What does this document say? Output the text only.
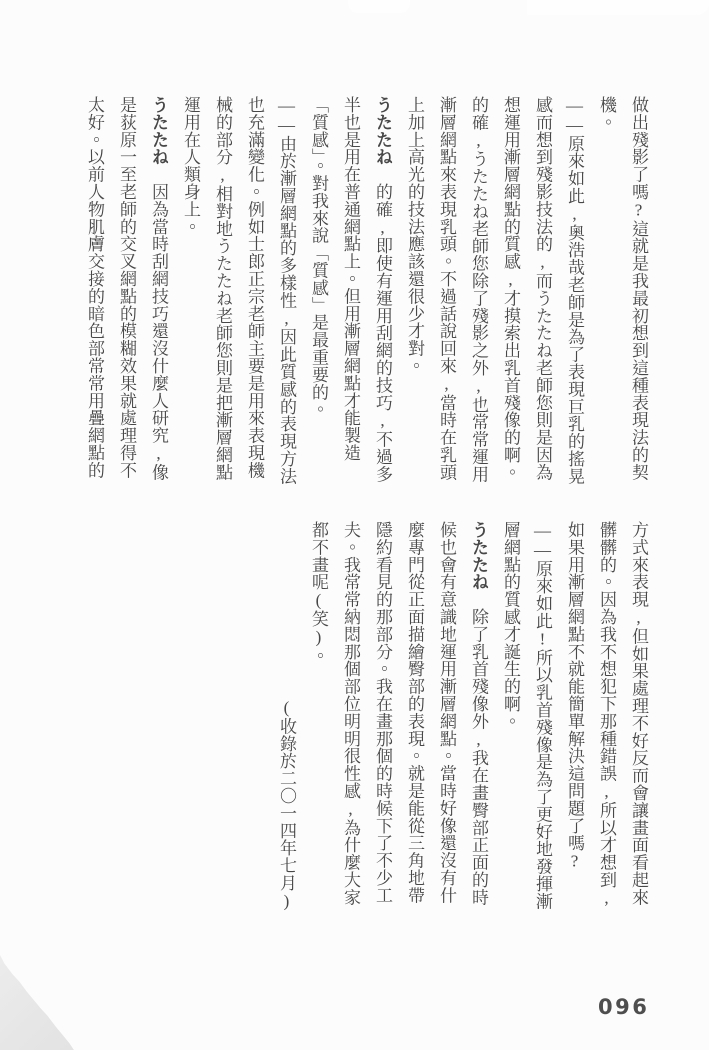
做出殘影了嗎?這就是我最初想到這種表現法的契機。

——原來如此,奧浩哉老師是為了表現巨乳的搖晃感而想到殘影技法的,而うたたね老師您則是因為想運用漸層網點的質感,才摸索出乳首殘像的啊。的確,うたたね老師您除了殘影之外,也常常運用漸層網點來表現乳頭。不過話說回來,當時在乳頭上加上高光的技法應該還很少才對。

うたたね　的確,即使有運用刮網的技巧,不過多半也是用在普通網點上。但用漸層網點才能製造「質感」。對我來說「質感」是最重要的。

——由於漸層網點的多樣性,因此質感的表現方法也充滿變化。例如士郎正宗老師主要是用來表現機械的部分,相對地うたたね老師您則是把漸層網點運用在人類身上。

うたたね　因為當時刮網技巧還沒什麼人研究,像是荻原一至老師的交叉網點的模糊效果就處理得不太好。以前人物肌膚交接的暗色部常常用疊網點的

方式來表現,但如果處理不好反而會讓畫面看起來髒髒的。因為我不想犯下那種錯誤,所以才想到,如果用漸層網點不就能簡單解決這問題了嗎?

——原來如此!所以乳首殘像是為了更好地發揮漸層網點的質感才誕生的啊。

うたたね　除了乳首殘像外,我在畫臀部正面的時候也會有意識地運用漸層網點。當時好像還沒有什麼專門從正面描繪臀部的表現。就是能從三角地帶隱約看見的那部分。我在畫那個的時候下了不少工夫。我常常納悶那個部位明明很性感,為什麼大家都不畫呢(笑)。

(收錄於二〇一四年七月)

096
